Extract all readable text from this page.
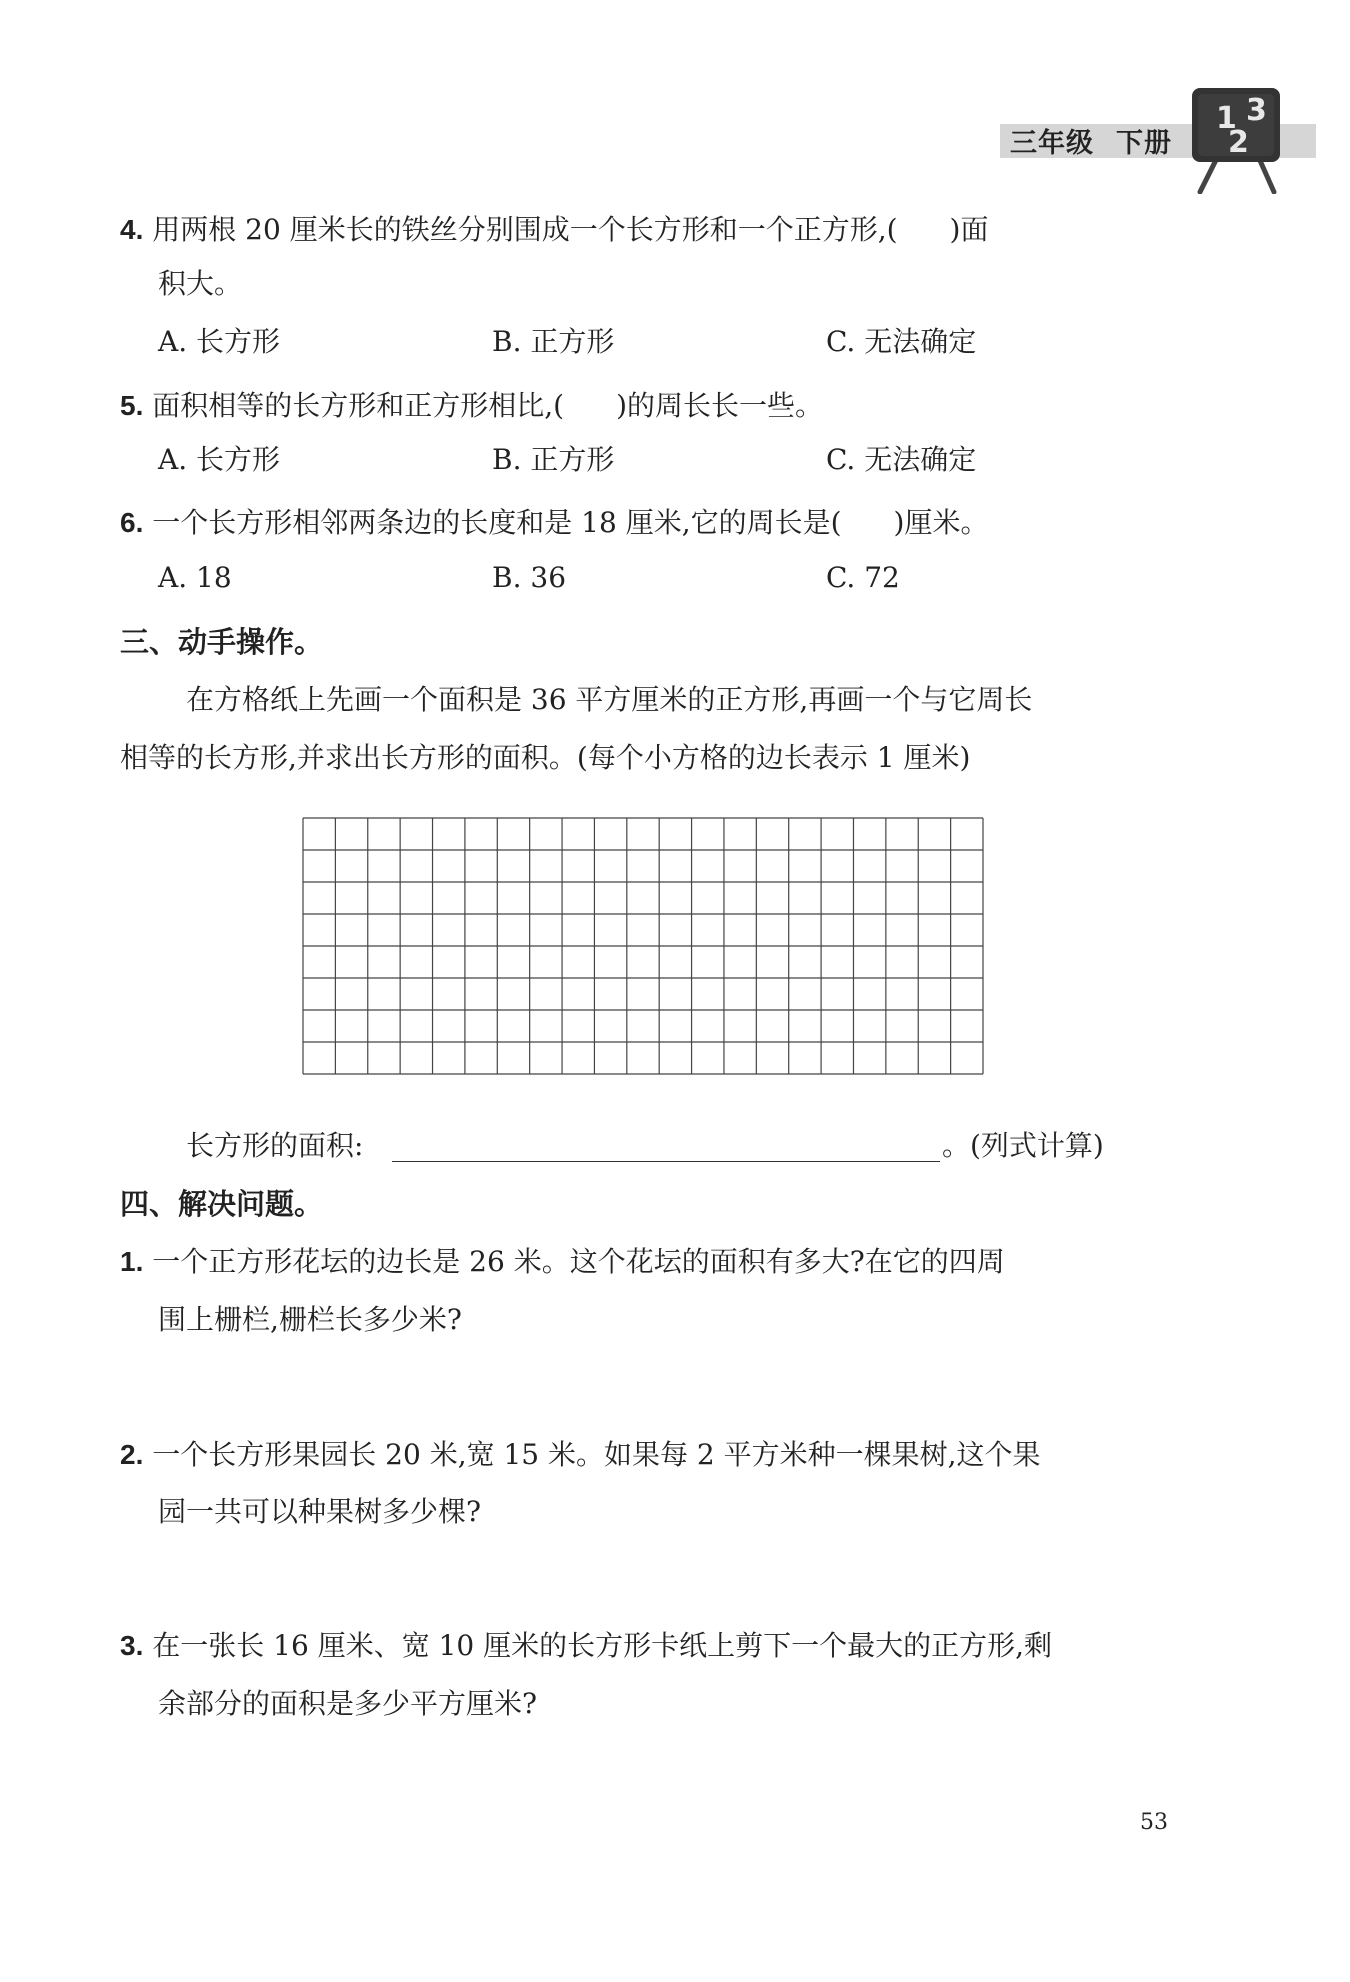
三年级 下册
1 3
2
4. 用两根 20 厘米长的铁丝分别围成一个长方形和一个正方形,( )面
积大。
A. 长方形	B. 正方形	C. 无法确定
5. 面积相等的长方形和正方形相比,( )的周长长一些。
A. 长方形	B. 正方形	C. 无法确定
6. 一个长方形相邻两条边的长度和是 18 厘米,它的周长是( )厘米。
A. 18	B. 36	C. 72
三、动手操作。
在方格纸上先画一个面积是 36 平方厘米的正方形,再画一个与它周长
相等的长方形,并求出长方形的面积。(每个小方格的边长表示 1 厘米)
长方形的面积:	。(列式计算)
四、解决问题。
1. 一个正方形花坛的边长是 26 米。这个花坛的面积有多大?在它的四周
围上栅栏,栅栏长多少米?
2. 一个长方形果园长 20 米,宽 15 米。如果每 2 平方米种一棵果树,这个果
园一共可以种果树多少棵?
3. 在一张长 16 厘米、宽 10 厘米的长方形卡纸上剪下一个最大的正方形,剩
余部分的面积是多少平方厘米?
53
